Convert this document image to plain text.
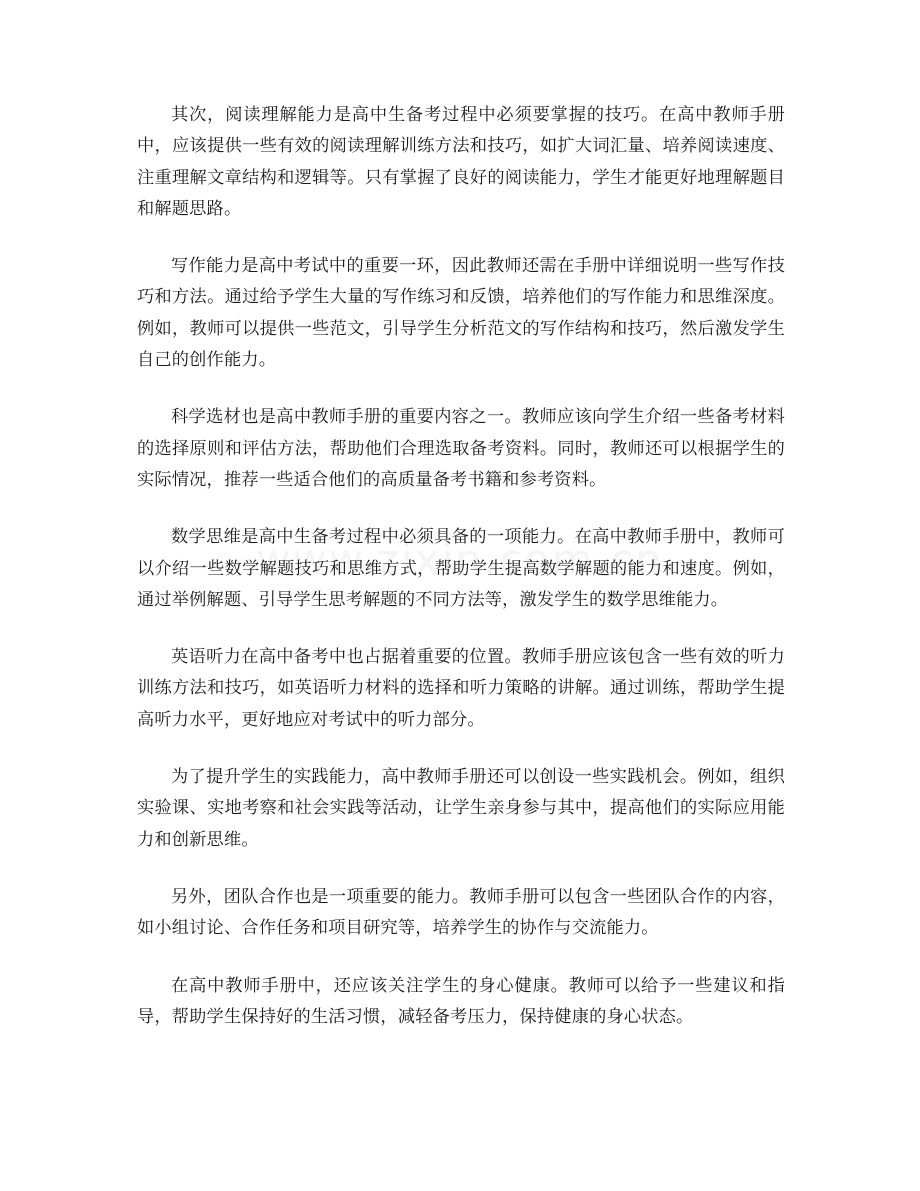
其次，阅读理解能力是高中生备考过程中必须要掌握的技巧。在高中教师手册中，应该提供一些有效的阅读理解训练方法和技巧，如扩大词汇量、培养阅读速度、注重理解文章结构和逻辑等。只有掌握了良好的阅读能力，学生才能更好地理解题目和解题思路。

写作能力是高中考试中的重要一环，因此教师还需在手册中详细说明一些写作技巧和方法。通过给予学生大量的写作练习和反馈，培养他们的写作能力和思维深度。例如，教师可以提供一些范文，引导学生分析范文的写作结构和技巧，然后激发学生自己的创作能力。

科学选材也是高中教师手册的重要内容之一。教师应该向学生介绍一些备考材料的选择原则和评估方法，帮助他们合理选取备考资料。同时，教师还可以根据学生的实际情况，推荐一些适合他们的高质量备考书籍和参考资料。

数学思维是高中生备考过程中必须具备的一项能力。在高中教师手册中，教师可以介绍一些数学解题技巧和思维方式，帮助学生提高数学解题的能力和速度。例如，通过举例解题、引导学生思考解题的不同方法等，激发学生的数学思维能力。

英语听力在高中备考中也占据着重要的位置。教师手册应该包含一些有效的听力训练方法和技巧，如英语听力材料的选择和听力策略的讲解。通过训练，帮助学生提高听力水平，更好地应对考试中的听力部分。

为了提升学生的实践能力，高中教师手册还可以创设一些实践机会。例如，组织实验课、实地考察和社会实践等活动，让学生亲身参与其中，提高他们的实际应用能力和创新思维。

另外，团队合作也是一项重要的能力。教师手册可以包含一些团队合作的内容，如小组讨论、合作任务和项目研究等，培养学生的协作与交流能力。

在高中教师手册中，还应该关注学生的身心健康。教师可以给予一些建议和指导，帮助学生保持好的生活习惯，减轻备考压力，保持健康的身心状态。
